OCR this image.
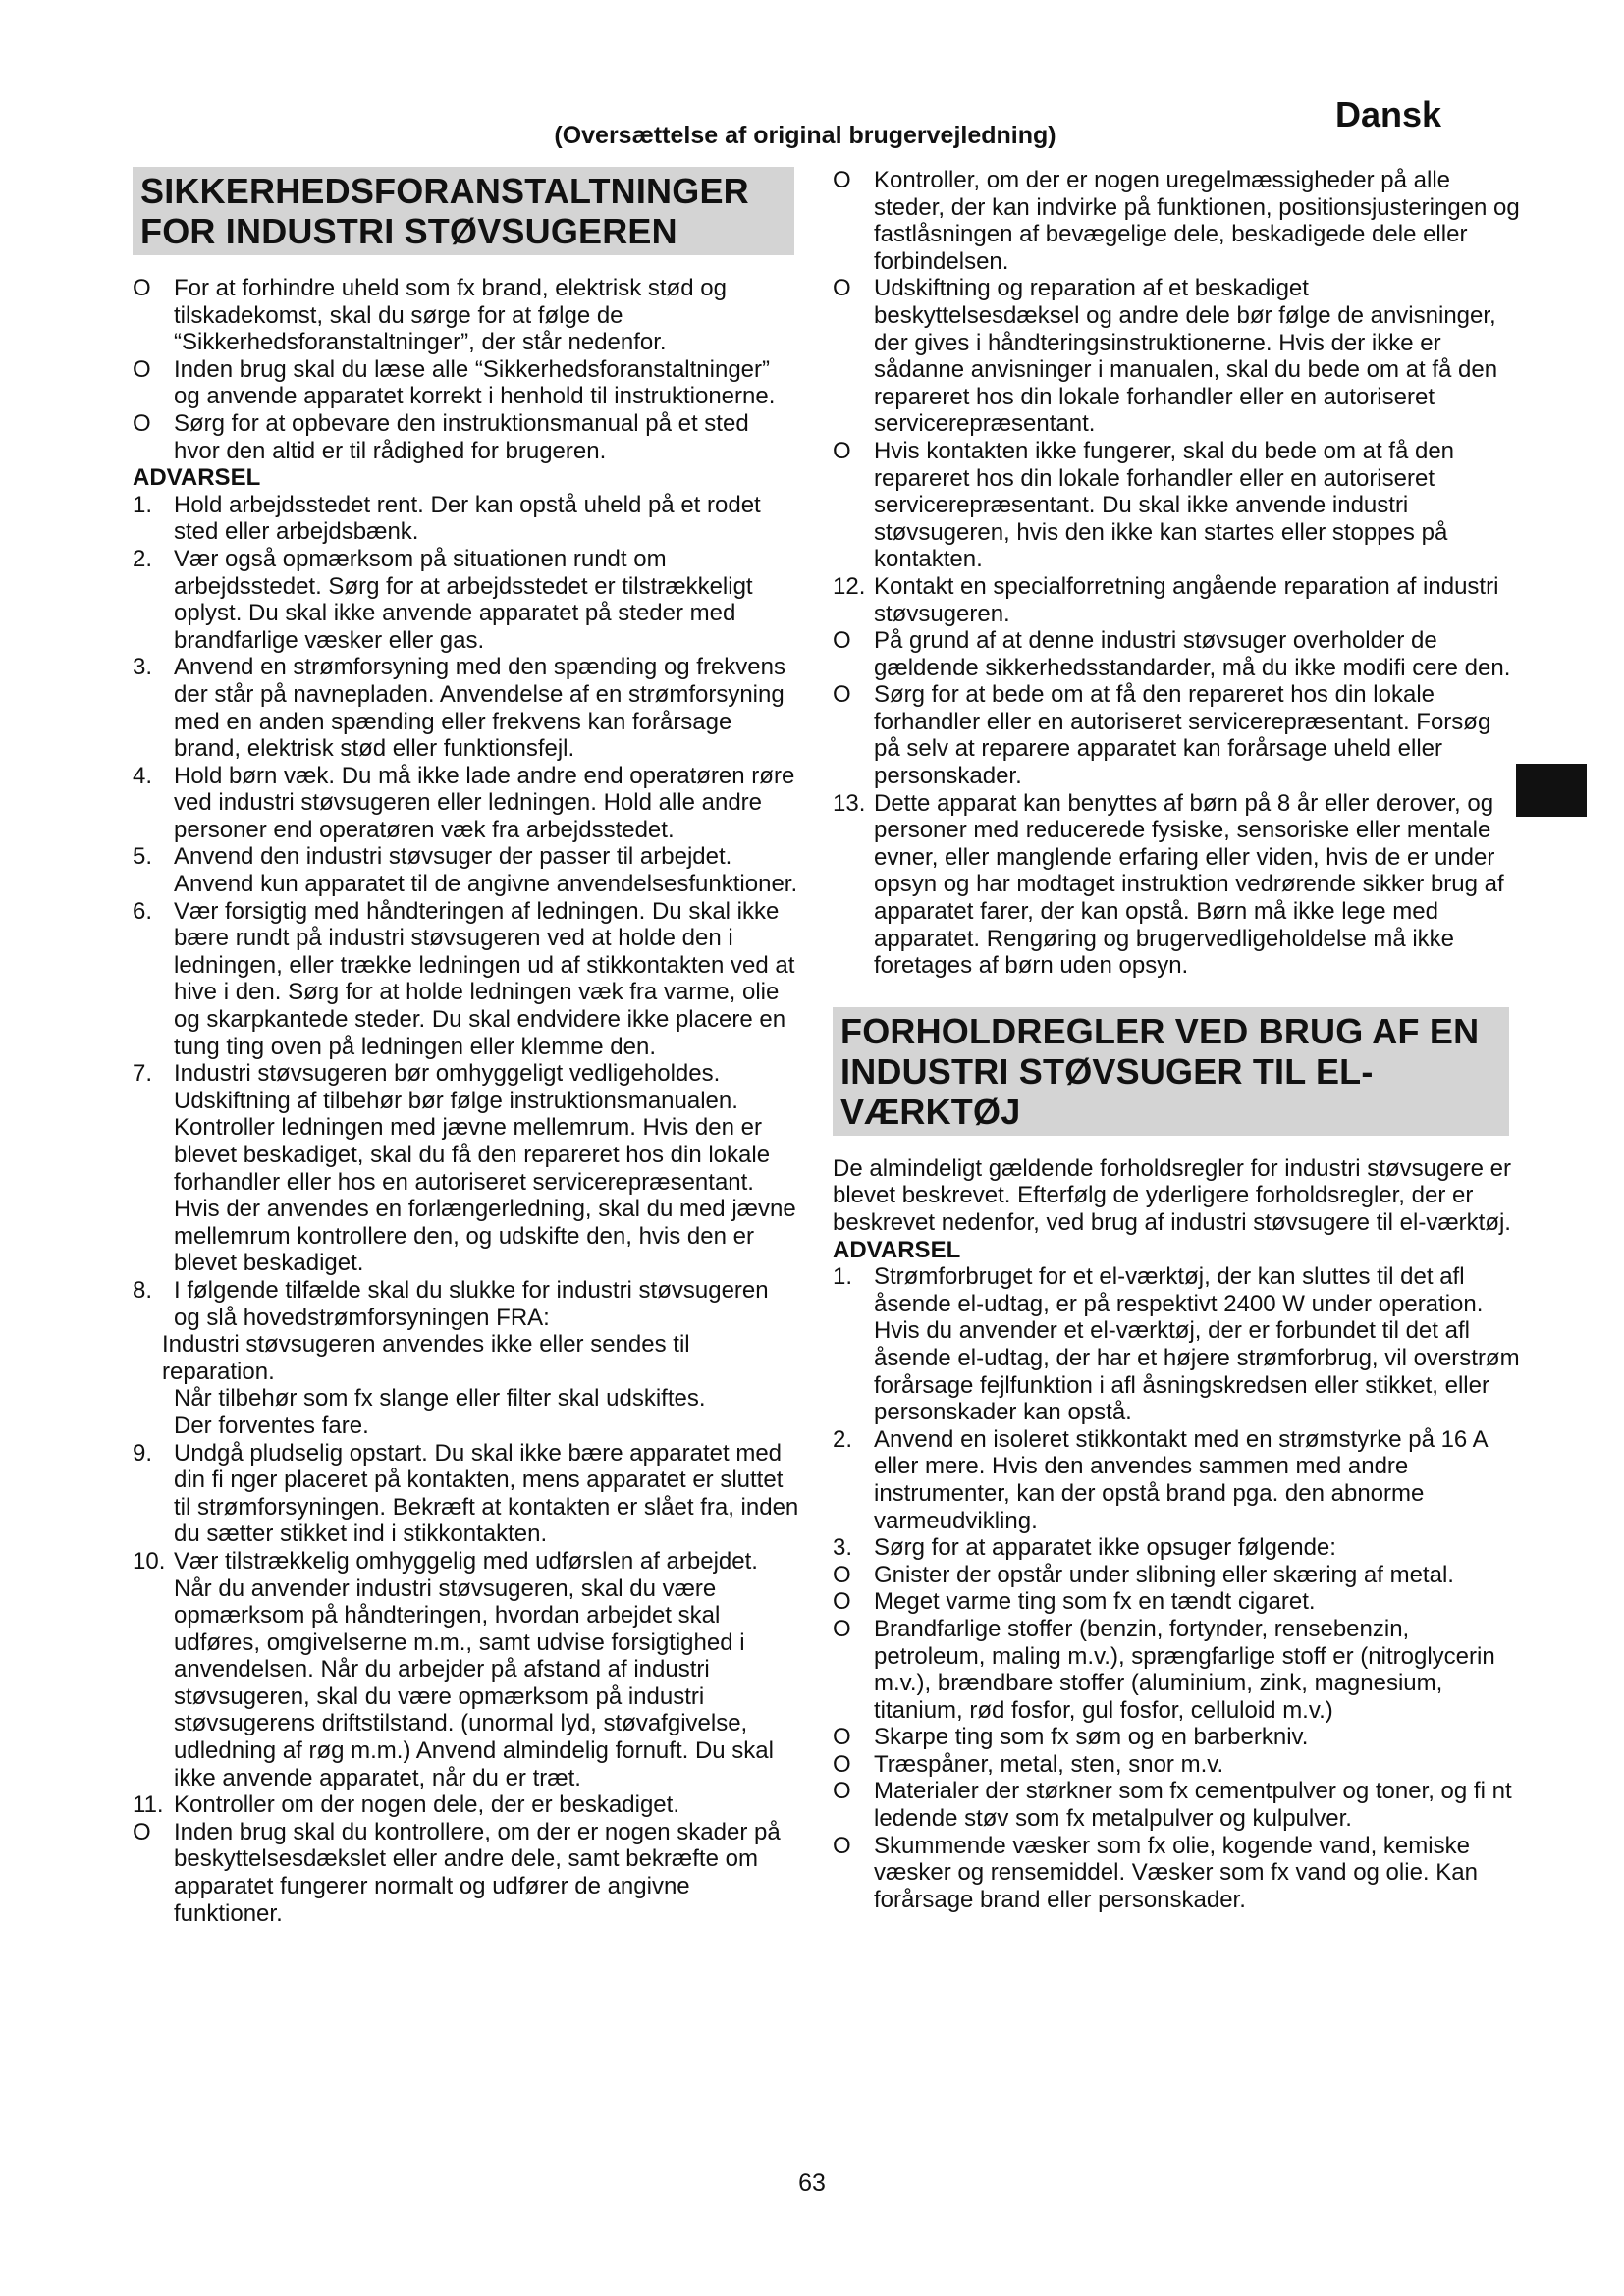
Dansk
(Oversættelse af original brugervejledning)
SIKKERHEDSFORANSTALTNINGER FOR INDUSTRI STØVSUGEREN
O For at forhindre uheld som fx brand, elektrisk stød og tilskadekomst, skal du sørge for at følge de “Sikkerhedsforanstaltninger”, der står nedenfor.
O Inden brug skal du læse alle “Sikkerhedsforanstaltninger” og anvende apparatet korrekt i henhold til instruktionerne.
O Sørg for at opbevare den instruktionsmanual på et sted hvor den altid er til rådighed for brugeren.

ADVARSEL

1. Hold arbejdsstedet rent. Der kan opstå uheld på et rodet sted eller arbejdsbænk.
2. Vær også opmærksom på situationen rundt om arbejdsstedet. Sørg for at arbejdsstedet er tilstrækkeligt oplyst. Du skal ikke anvende apparatet på steder med brandfarlige væsker eller gas.
3. Anvend en strømforsyning med den spænding og frekvens der står på navnepladen. Anvendelse af en strømforsyning med en anden spænding eller frekvens kan forårsage brand, elektrisk stød eller funktionsfejl.
4. Hold børn væk. Du må ikke lade andre end operatøren røre ved industri støvsugeren eller ledningen. Hold alle andre personer end operatøren væk fra arbejdsstedet.
5. Anvend den industri støvsuger der passer til arbejdet. Anvend kun apparatet til de angivne anvendelsesfunktioner.
6. Vær forsigtig med håndteringen af ledningen. Du skal ikke bære rundt på industri støvsugeren ved at holde den i ledningen, eller trække ledningen ud af stikkontakten ved at hive i den. Sørg for at holde ledningen væk fra varme, olie og skarpkantede steder. Du skal endvidere ikke placere en tung ting oven på ledningen eller klemme den.
7. Industri støvsugeren bør omhyggeligt vedligeholdes. Udskiftning af tilbehør bør følge instruktionsmanualen. Kontroller ledningen med jævne mellemrum. Hvis den er blevet beskadiget, skal du få den repareret hos din lokale forhandler eller hos en autoriseret servicerepræsentant. Hvis der anvendes en forlængerledning, skal du med jævne mellemrum kontrollere den, og udskifte den, hvis den er blevet beskadiget.
8. I følgende tilfælde skal du slukke for industri støvsugeren og slå hovedstrømforsyningen FRA:

Industri støvsugeren anvendes ikke eller sendes til reparation.

Når tilbehør som fx slange eller filter skal udskiftes.

Der forventes fare.

9. Undgå pludselig opstart. Du skal ikke bære apparatet med din fi nger placeret på kontakten, mens apparatet er sluttet til strømforsyningen. Bekræft at kontakten er slået fra, inden du sætter stikket ind i stikkontakten.
10. Vær tilstrækkelig omhyggelig med udførslen af arbejdet. Når du anvender industri støvsugeren, skal du være opmærksom på håndteringen, hvordan arbejdet skal udføres, omgivelserne m.m., samt udvise forsigtighed i anvendelsen. Når du arbejder på afstand af industri støvsugeren, skal du være opmærksom på industri støvsugerens driftstilstand. (unormal lyd, støvafgivelse, udledning af røg m.m.) Anvend almindelig fornuft. Du skal ikke anvende apparatet, når du er træt.
11. Kontroller om der nogen dele, der er beskadiget.
O Inden brug skal du kontrollere, om der er nogen skader på beskyttelsesdækslet eller andre dele, samt bekræfte om apparatet fungerer normalt og udfører de angivne funktioner.
O Kontroller, om der er nogen uregelmæssigheder på alle steder, der kan indvirke på funktionen, positionsjusteringen og fastlåsningen af bevægelige dele, beskadigede dele eller forbindelsen.
O Udskiftning og reparation af et beskadiget beskyttelsesdæksel og andre dele bør følge de anvisninger, der gives i håndteringsinstruktionerne. Hvis der ikke er sådanne anvisninger i manualen, skal du bede om at få den repareret hos din lokale forhandler eller en autoriseret servicerepræsentant.
O Hvis kontakten ikke fungerer, skal du bede om at få den repareret hos din lokale forhandler eller en autoriseret servicerepræsentant. Du skal ikke anvende industri støvsugeren, hvis den ikke kan startes eller stoppes på kontakten.
12. Kontakt en specialforretning angående reparation af industri støvsugeren.
O På grund af at denne industri støvsuger overholder de gældende sikkerhedsstandarder, må du ikke modifi cere den.
O Sørg for at bede om at få den repareret hos din lokale forhandler eller en autoriseret servicerepræsentant. Forsøg på selv at reparere apparatet kan forårsage uheld eller personskader.
13. Dette apparat kan benyttes af børn på 8 år eller derover, og personer med reducerede fysiske, sensoriske eller mentale evner, eller manglende erfaring eller viden, hvis de er under opsyn og har modtaget instruktion vedrørende sikker brug af apparatet farer, der kan opstå. Børn må ikke lege med apparatet. Rengøring og brugervedligeholdelse må ikke foretages af børn uden opsyn.
FORHOLDREGLER VED BRUG AF EN INDUSTRI STØVSUGER TIL EL-VÆRKTØJ

De almindeligt gældende forholdsregler for industri støvsugere er blevet beskrevet. Efterfølg de yderligere forholdsregler, der er beskrevet nedenfor, ved brug af industri støvsugere til el-værktøj.

ADVARSEL

1. Strømforbruget for et el-værktøj, der kan sluttes til det afl åsende el-udtag, er på respektivt 2400 W under operation. Hvis du anvender et el-værktøj, der er forbundet til det afl åsende el-udtag, der har et højere strømforbrug, vil overstrøm forårsage fejlfunktion i afl åsningskredsen eller stikket, eller personskader kan opstå.
2. Anvend en isoleret stikkontakt med en strømstyrke på 16 A eller mere. Hvis den anvendes sammen med andre instrumenter, kan der opstå brand pga. den abnorme varmeudvikling.
3. Sørg for at apparatet ikke opsuger følgende:
O Gnister der opstår under slibning eller skæring af metal.
O Meget varme ting som fx en tændt cigaret.
O Brandfarlige stoffer (benzin, fortynder, rensebenzin, petroleum, maling m.v.), sprængfarlige stoff er (nitroglycerin m.v.), brændbare stoffer (aluminium, zink, magnesium, titanium, rød fosfor, gul fosfor, celluloid m.v.)
O Skarpe ting som fx søm og en barberkniv.
O Træspåner, metal, sten, snor m.v.
O Materialer der størkner som fx cementpulver og toner, og fi nt ledende støv som fx metalpulver og kulpulver.
O Skummende væsker som fx olie, kogende vand, kemiske væsker og rensemiddel. Væsker som fx vand og olie. Kan forårsage brand eller personskader.
63
